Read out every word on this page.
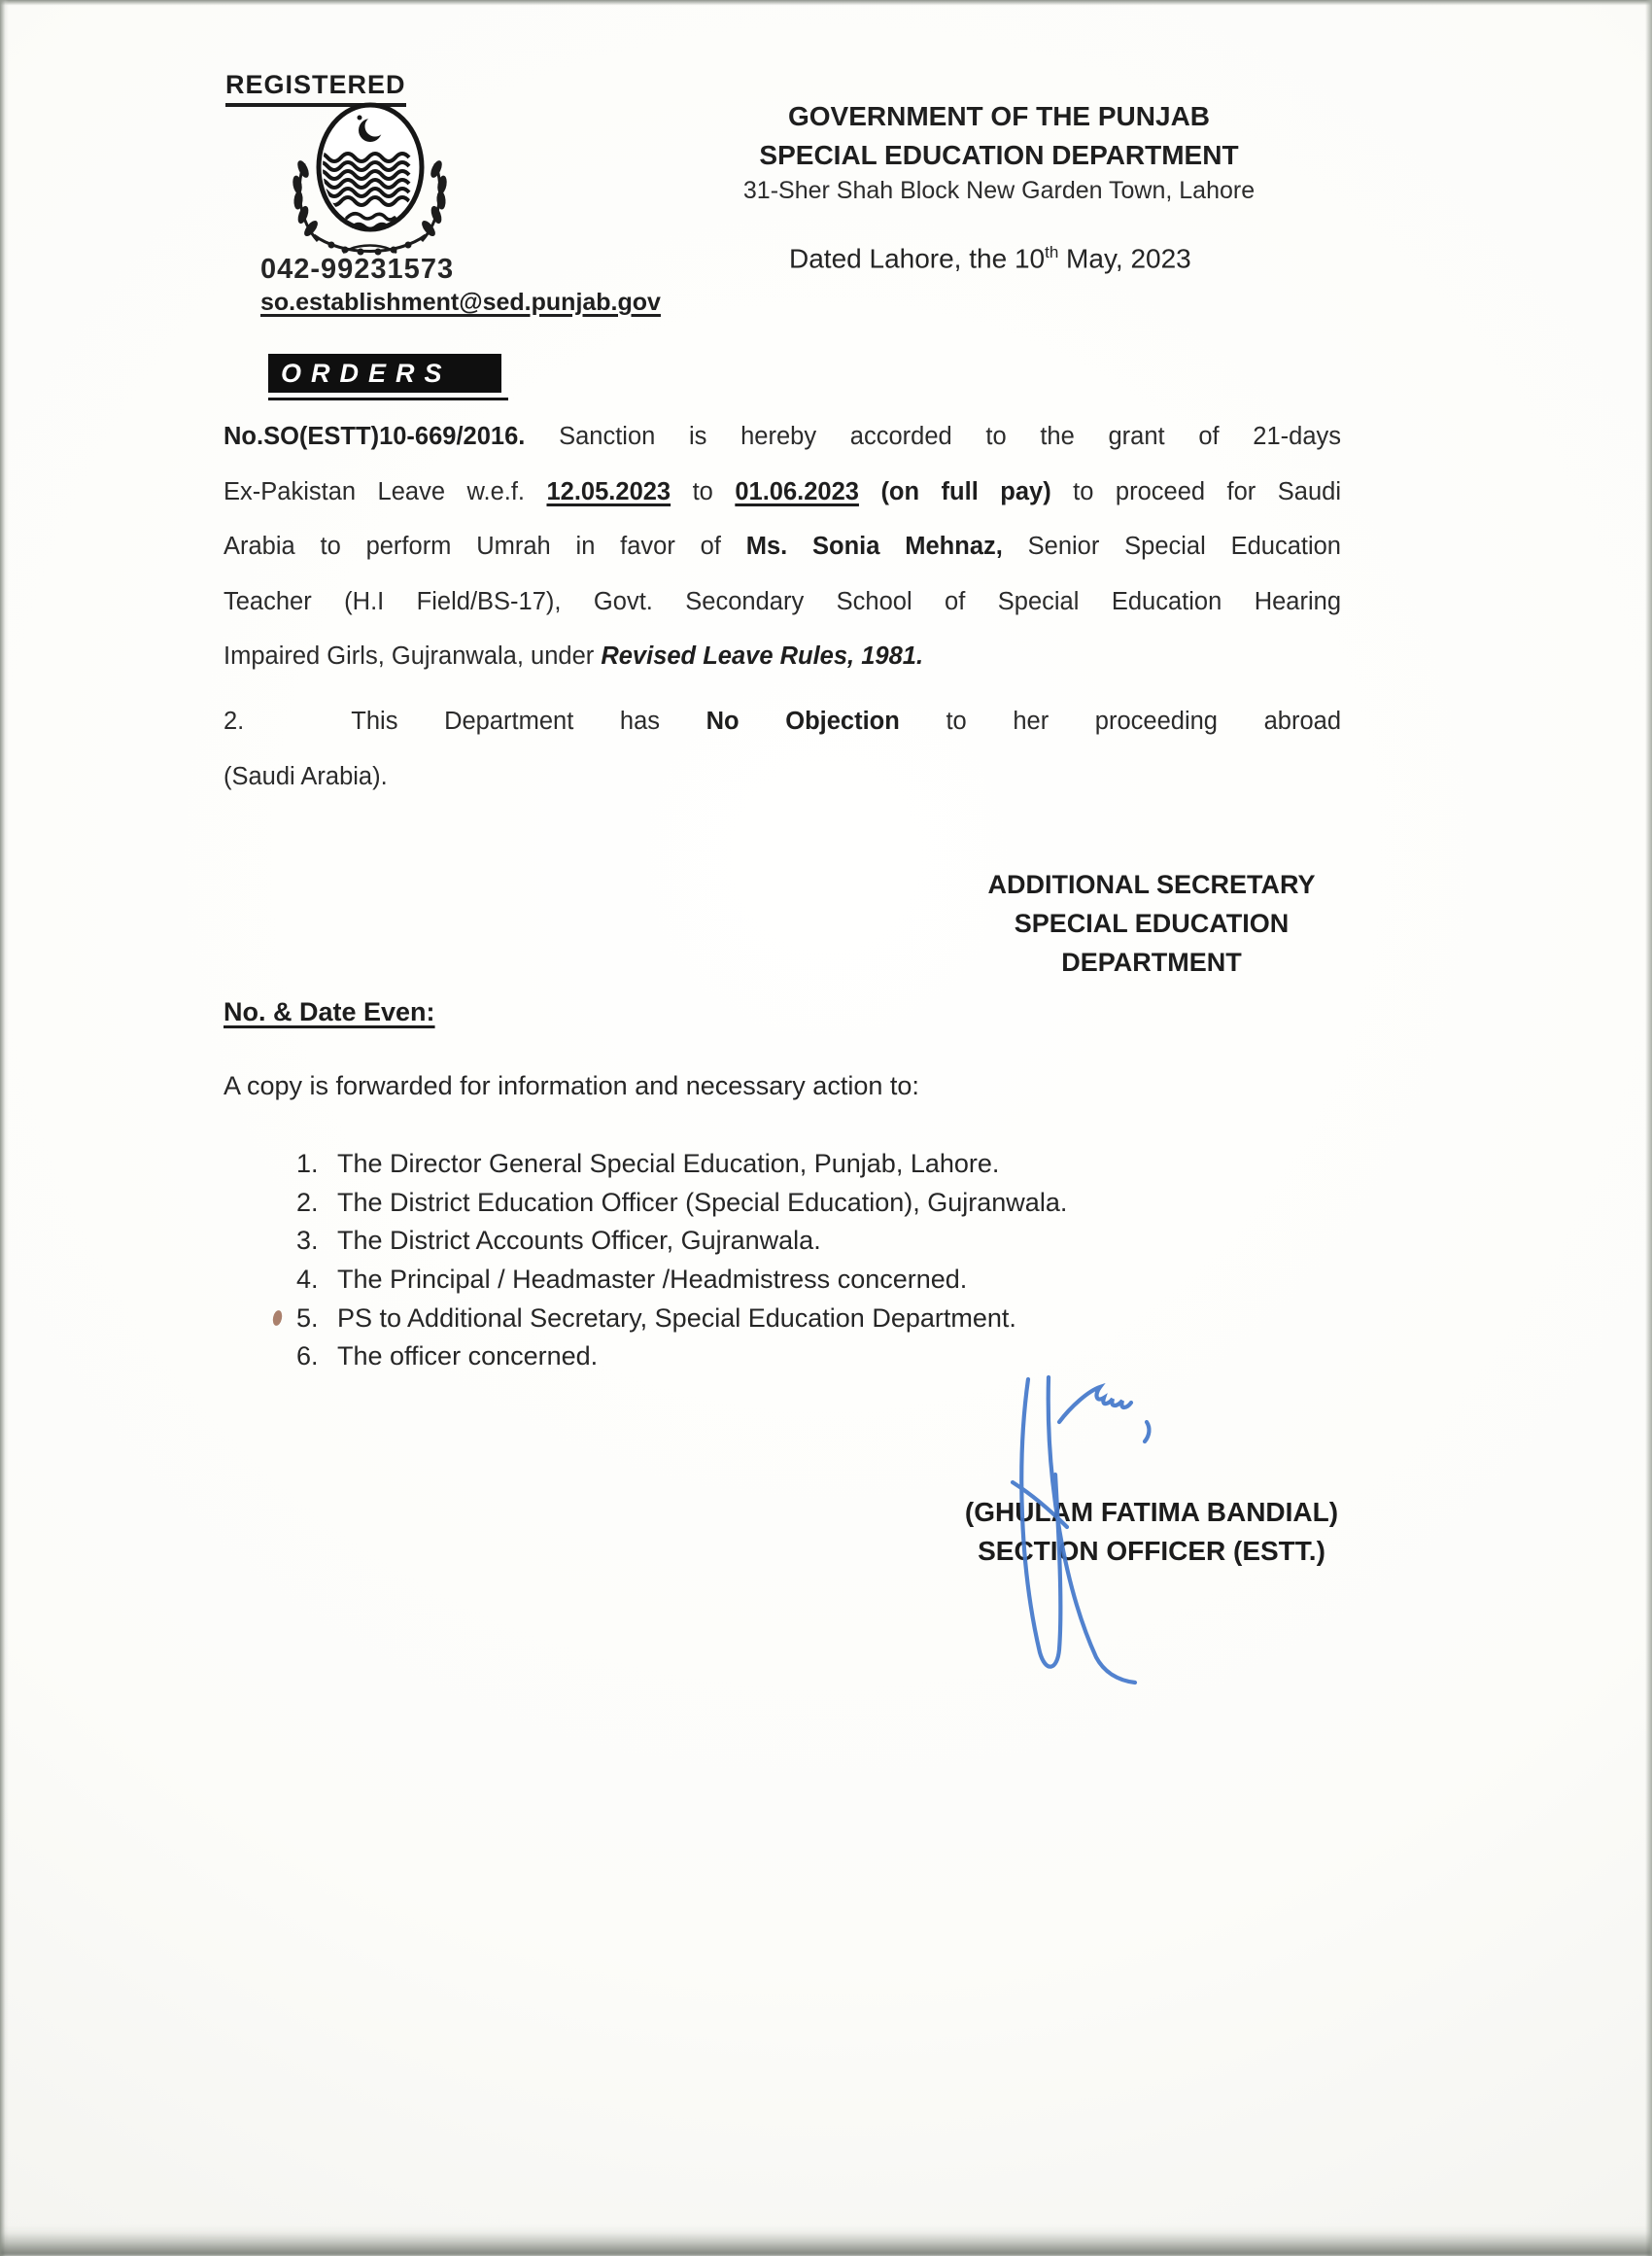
REGISTERED
042-99231573
so.establishment@sed.punjab.gov
GOVERNMENT OF THE PUNJAB
SPECIAL EDUCATION DEPARTMENT
31-Sher Shah Block New Garden Town, Lahore
Dated Lahore, the 10th May, 2023
ORDERS
No.SO(ESTT)10-669/2016. Sanction is hereby accorded to the grant of 21-days
Ex-Pakistan Leave w.e.f. 12.05.2023 to 01.06.2023 (on full pay) to proceed for Saudi
Arabia to perform Umrah in favor of Ms. Sonia Mehnaz, Senior Special Education
Teacher (H.I Field/BS-17), Govt. Secondary School of Special Education Hearing
Impaired Girls, Gujranwala, under Revised Leave Rules, 1981.
2.	This Department has No Objection to her proceeding abroad
(Saudi Arabia).
ADDITIONAL SECRETARY
SPECIAL EDUCATION
DEPARTMENT
No. & Date Even:
A copy is forwarded for information and necessary action to:
1. The Director General Special Education, Punjab, Lahore.
2. The District Education Officer (Special Education), Gujranwala.
3. The District Accounts Officer, Gujranwala.
4. The Principal / Headmaster /Headmistress concerned.
5. PS to Additional Secretary, Special Education Department.
6. The officer concerned.
(GHULAM FATIMA BANDIAL)
SECTION OFFICER (ESTT.)
